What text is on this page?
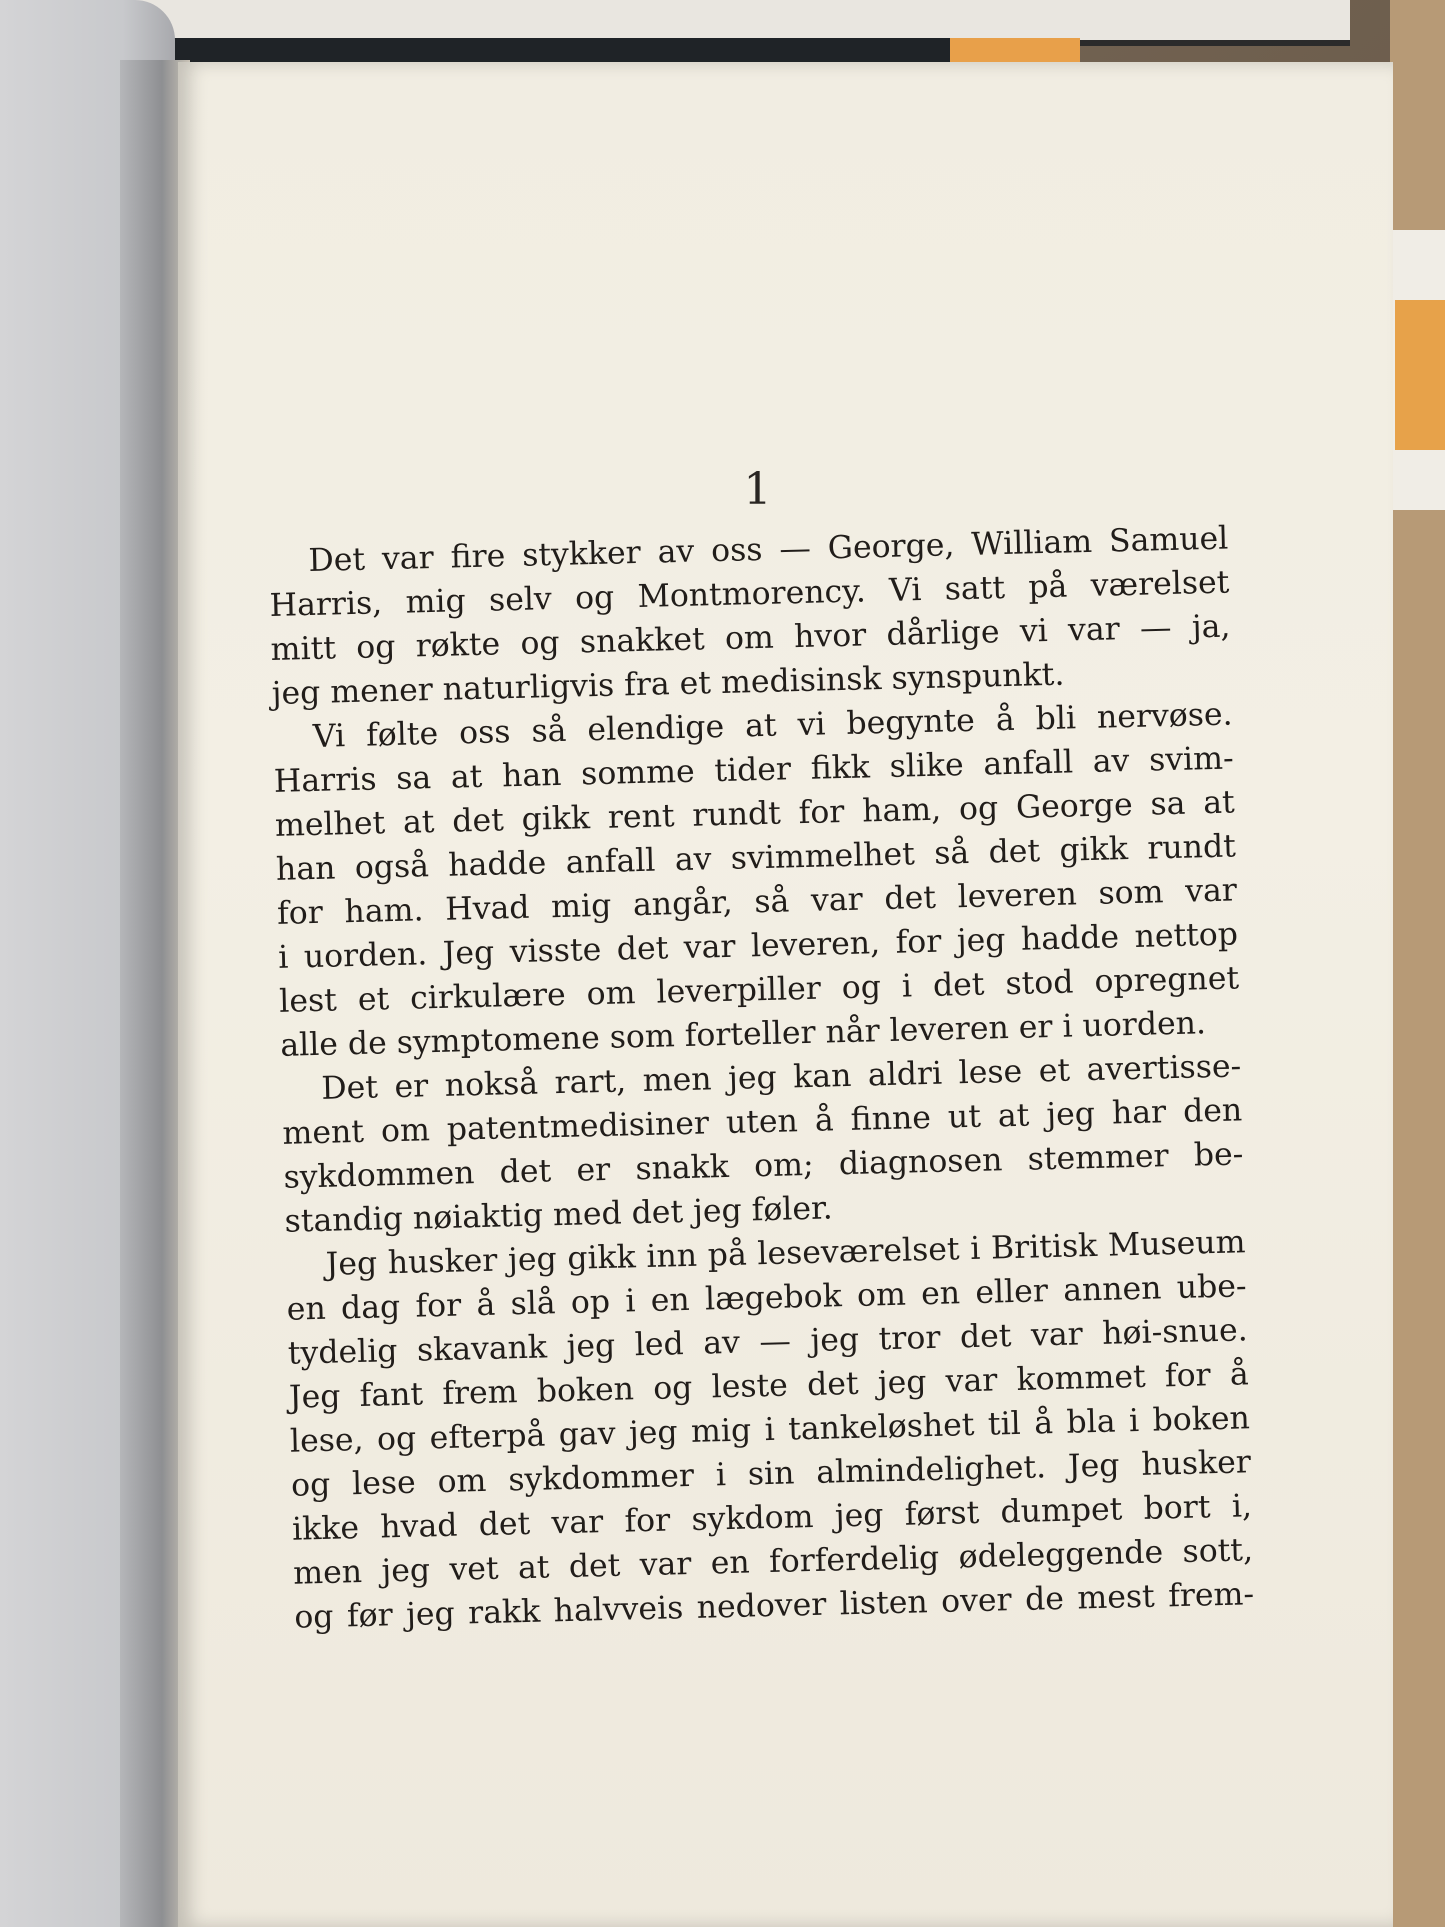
1
Det var fire stykker av oss — George, William Samuel
Harris, mig selv og Montmorency. Vi satt på værelset
mitt og røkte og snakket om hvor dårlige vi var — ja,
jeg mener naturligvis fra et medisinsk synspunkt.
Vi følte oss så elendige at vi begynte å bli nervøse.
Harris sa at han somme tider fikk slike anfall av svim-
melhet at det gikk rent rundt for ham, og George sa at
han også hadde anfall av svimmelhet så det gikk rundt
for ham. Hvad mig angår, så var det leveren som var
i uorden. Jeg visste det var leveren, for jeg hadde nettop
lest et cirkulære om leverpiller og i det stod opregnet
alle de symptomene som forteller når leveren er i uorden.
Det er nokså rart, men jeg kan aldri lese et avertisse-
ment om patentmedisiner uten å finne ut at jeg har den
sykdommen det er snakk om; diagnosen stemmer be-
standig nøiaktig med det jeg føler.
Jeg husker jeg gikk inn på leseværelset i Britisk Museum
en dag for å slå op i en lægebok om en eller annen ube-
tydelig skavank jeg led av — jeg tror det var høi-snue.
Jeg fant frem boken og leste det jeg var kommet for å
lese, og efterpå gav jeg mig i tankeløshet til å bla i boken
og lese om sykdommer i sin almindelighet. Jeg husker
ikke hvad det var for sykdom jeg først dumpet bort i,
men jeg vet at det var en forferdelig ødeleggende sott,
og før jeg rakk halvveis nedover listen over de mest frem-
